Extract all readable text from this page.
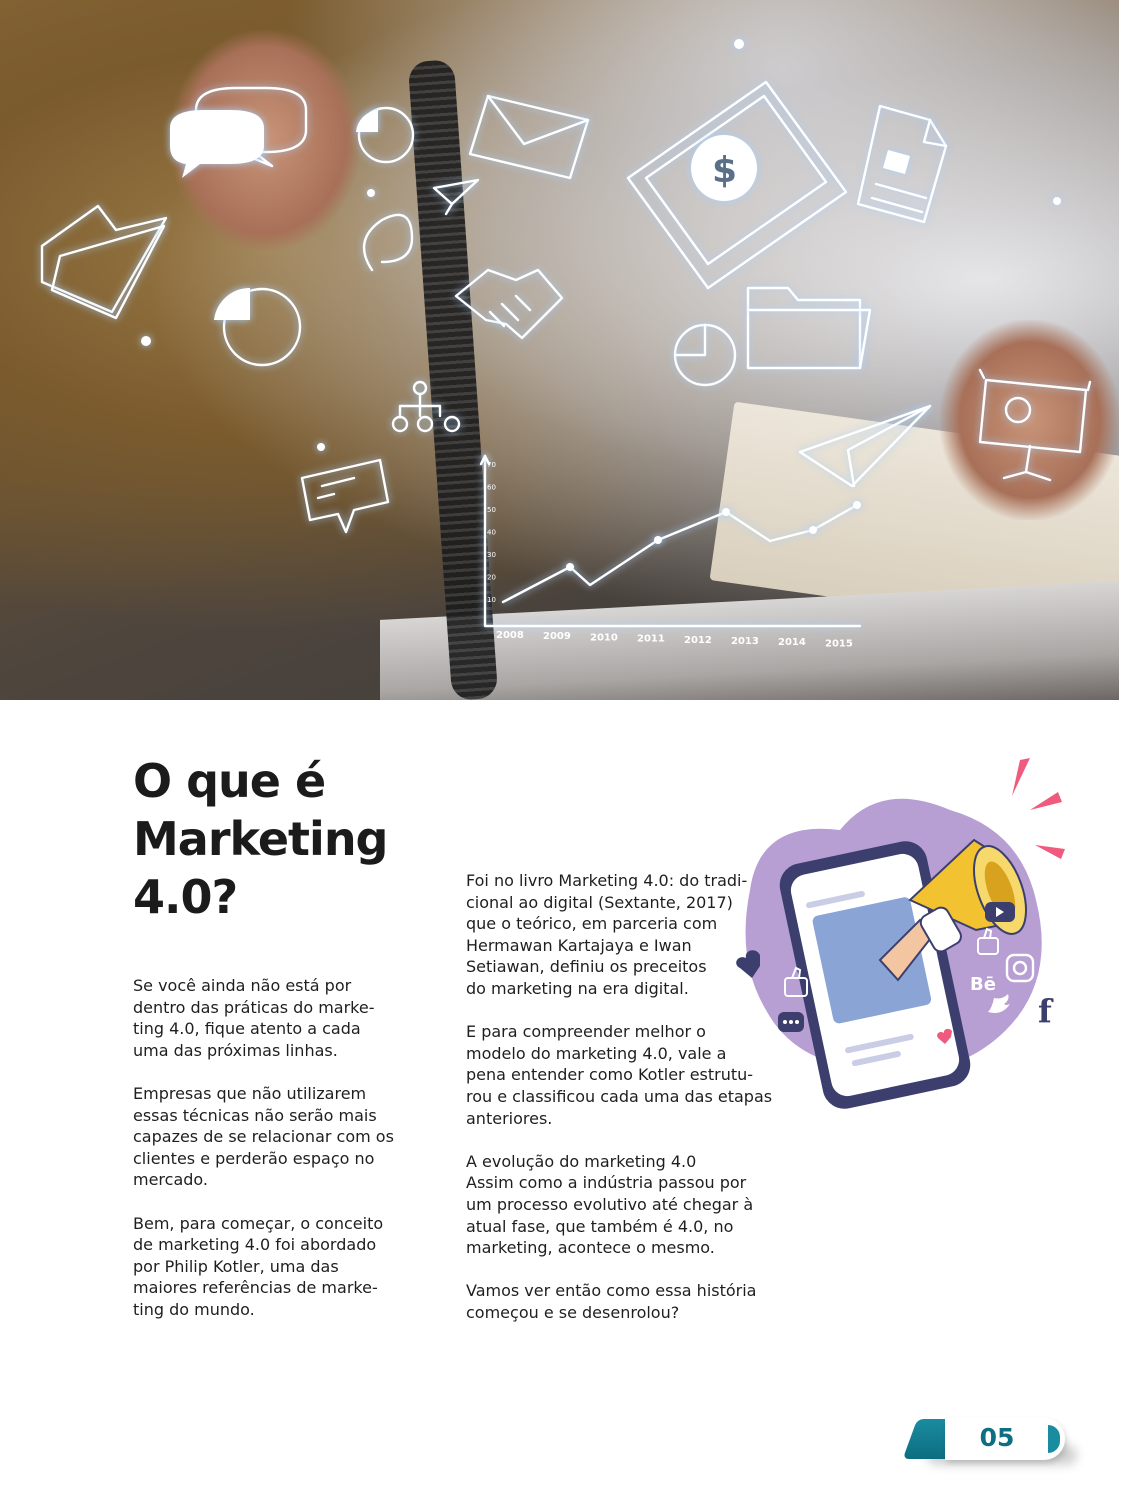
$
10
20
30
40
50
60
70
2008 2009 2010 2011 2012 2013 2014 2015
O que é
Marketing
4.0?

Se você ainda não está por
dentro das práticas do marke-
ting 4.0, fique atento a cada
uma das próximas linhas.

Empresas que não utilizarem
essas técnicas não serão mais
capazes de se relacionar com os
clientes e perderão espaço no
mercado.

Bem, para começar, o conceito
de marketing 4.0 foi abordado
por Philip Kotler, uma das
maiores referências de marke-
ting do mundo.

Foi no livro Marketing 4.0: do tradi-
cional ao digital (Sextante, 2017)
que o teórico, em parceria com
Hermawan Kartajaya e Iwan
Setiawan, definiu os preceitos
do marketing na era digital.

E para compreender melhor o
modelo do marketing 4.0, vale a
pena entender como Kotler estrutu-
rou e classificou cada uma das etapas
anteriores.

A evolução do marketing 4.0
Assim como a indústria passou por
um processo evolutivo até chegar à
atual fase, que também é 4.0, no
marketing, acontece o mesmo.

Vamos ver então como essa história
começou e se desenrolou?

Bē
f
05
